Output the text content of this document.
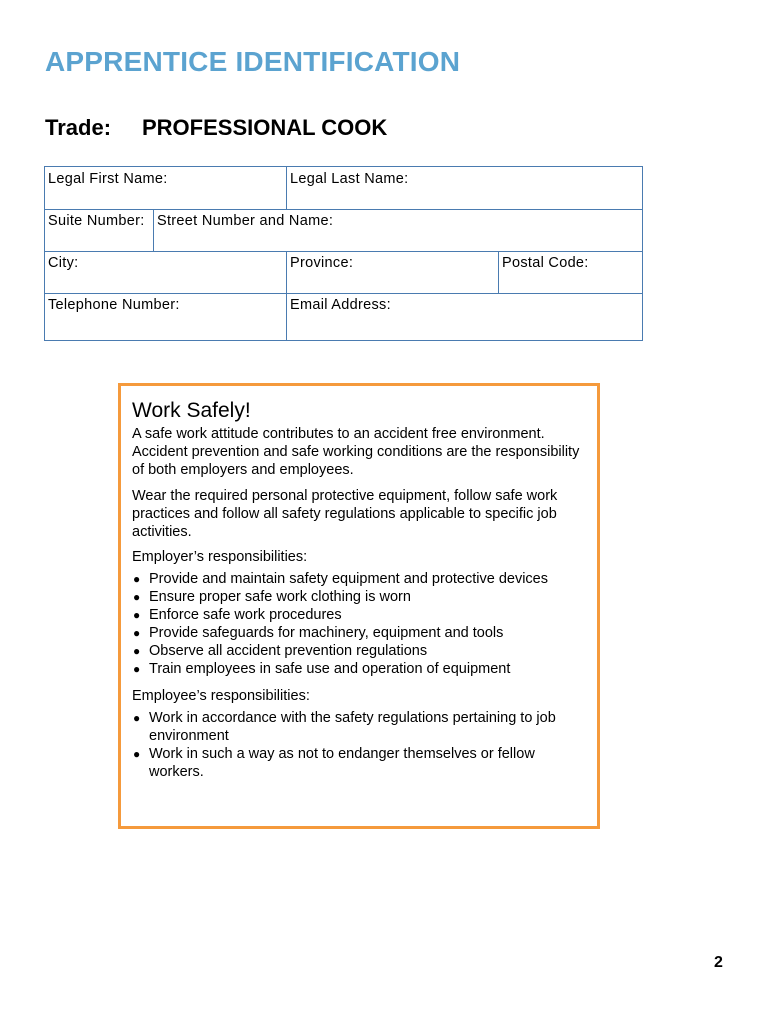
APPRENTICE IDENTIFICATION
Trade: PROFESSIONAL COOK
Legal First Name:	Legal Last Name:
Suite Number: Street Number and Name:
City:	Province:	Postal Code:
Telephone Number:	Email Address:
Work Safely!
A safe work attitude contributes to an accident free environment. Accident prevention and safe working conditions are the responsibility of both employers and employees.
Wear the required personal protective equipment, follow safe work practices and follow all safety regulations applicable to specific job activities.
Employer’s responsibilities:
● Provide and maintain safety equipment and protective devices
● Ensure proper safe work clothing is worn
● Enforce safe work procedures
● Provide safeguards for machinery, equipment and tools
● Observe all accident prevention regulations
● Train employees in safe use and operation of equipment
Employee’s responsibilities:
● Work in accordance with the safety regulations pertaining to job environment
● Work in such a way as not to endanger themselves or fellow workers.
2
